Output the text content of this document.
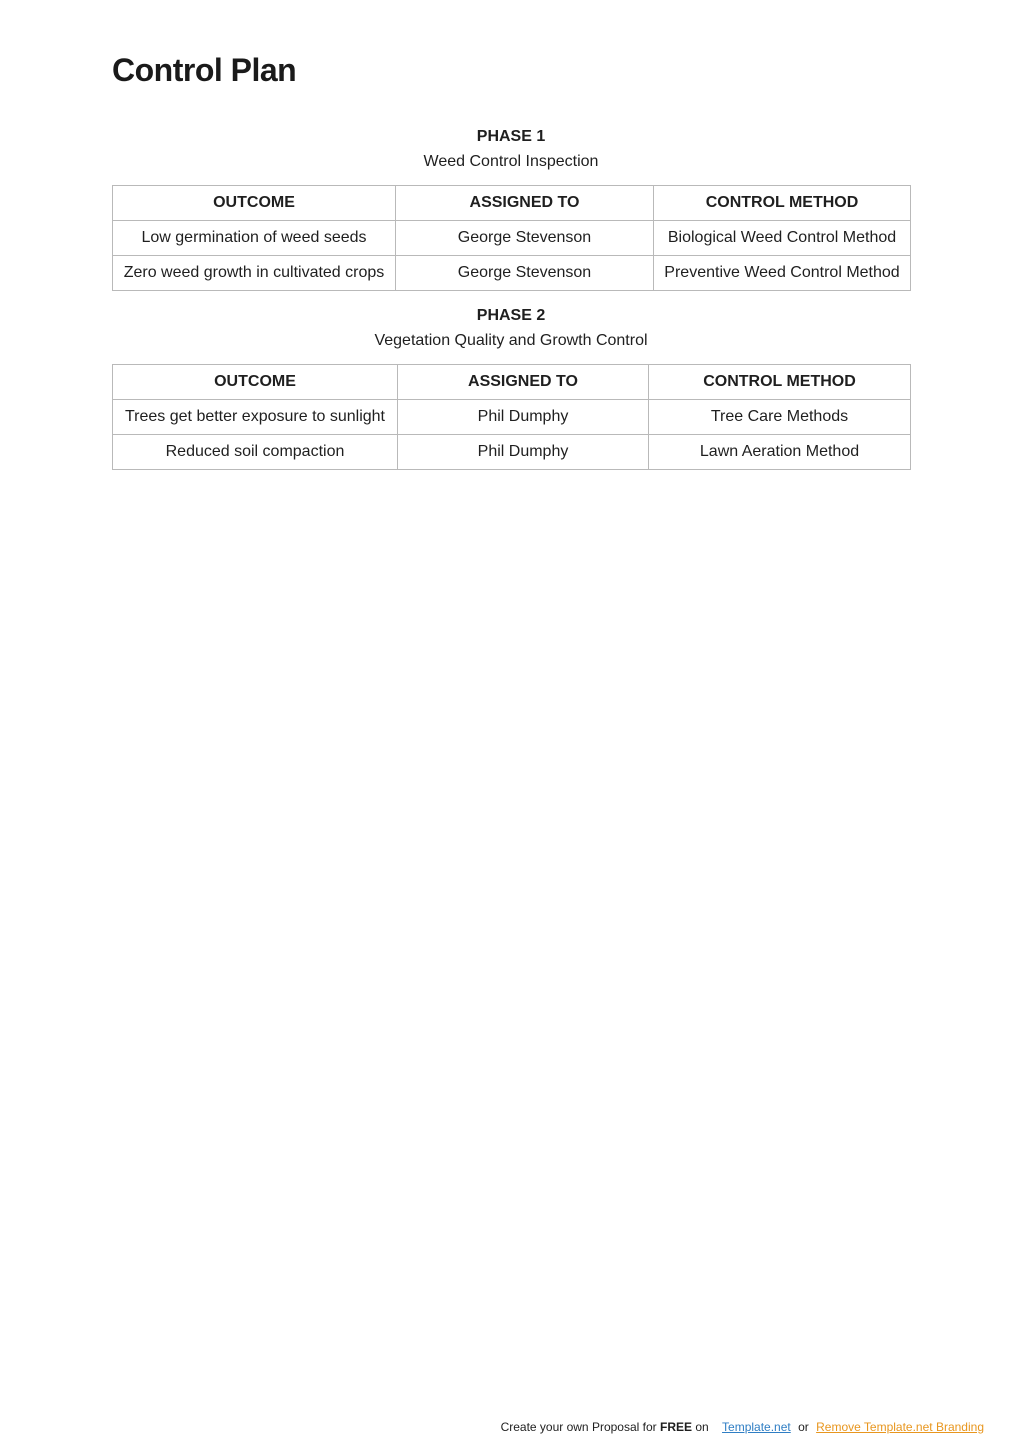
Control Plan

PHASE 1

Weed Control Inspection

OUTCOME	ASSIGNED TO	CONTROL METHOD
Low germination of weed seeds	George Stevenson	Biological Weed Control Method
Zero weed growth in cultivated crops	George Stevenson	Preventive Weed Control Method

PHASE 2

Vegetation Quality and Growth Control

OUTCOME	ASSIGNED TO	CONTROL METHOD
Trees get better exposure to sunlight	Phil Dumphy	Tree Care Methods
Reduced soil compaction	Phil Dumphy	Lawn Aeration Method
Create your own Proposal for FREE on Template.net or Remove Template.net Branding
